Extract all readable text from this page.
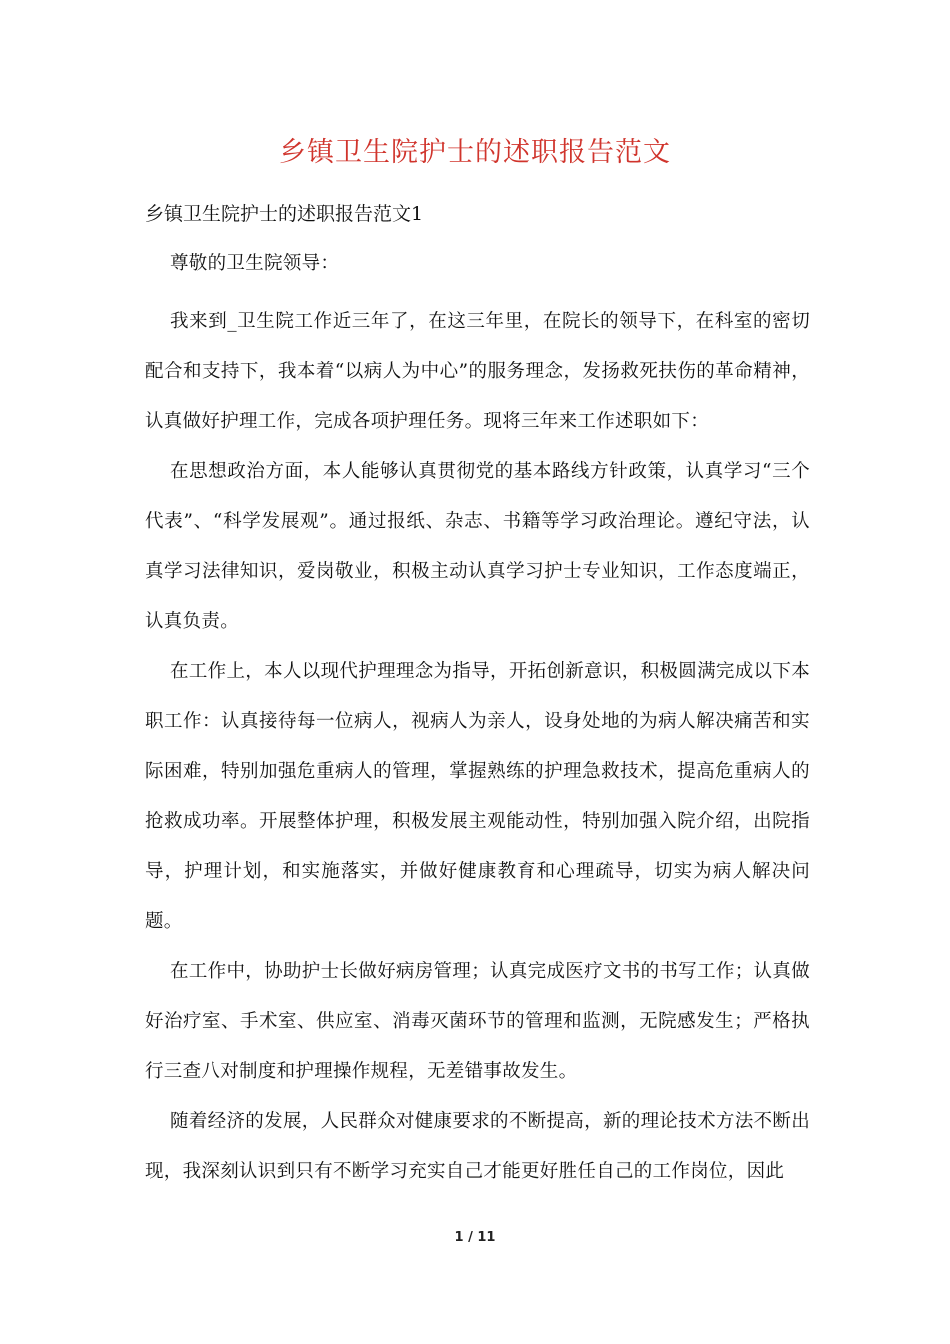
乡镇卫生院护士的述职报告范文

乡镇卫生院护士的述职报告范文1

尊敬的卫生院领导：

我来到_卫生院工作近三年了，在这三年里，在院长的领导下，在科室的密切配合和支持下，我本着“以病人为中心”的服务理念，发扬救死扶伤的革命精神，认真做好护理工作，完成各项护理任务。现将三年来工作述职如下：

在思想政治方面，本人能够认真贯彻党的基本路线方针政策，认真学习“三个代表”、“科学发展观”。通过报纸、杂志、书籍等学习政治理论。遵纪守法，认真学习法律知识，爱岗敬业，积极主动认真学习护士专业知识，工作态度端正，认真负责。

在工作上，本人以现代护理理念为指导，开拓创新意识，积极圆满完成以下本职工作：认真接待每一位病人，视病人为亲人，设身处地的为病人解决痛苦和实际困难，特别加强危重病人的管理，掌握熟练的护理急救技术，提高危重病人的抢救成功率。开展整体护理，积极发展主观能动性，特别加强入院介绍，出院指导，护理计划，和实施落实，并做好健康教育和心理疏导，切实为病人解决问题。

在工作中，协助护士长做好病房管理；认真完成医疗文书的书写工作；认真做好治疗室、手术室、供应室、消毒灭菌环节的管理和监测，无院感发生；严格执行三查八对制度和护理操作规程，无差错事故发生。

随着经济的发展，人民群众对健康要求的不断提高，新的理论技术方法不断出现，我深刻认识到只有不断学习充实自己才能更好胜任自己的工作岗位，因此

1 / 11
